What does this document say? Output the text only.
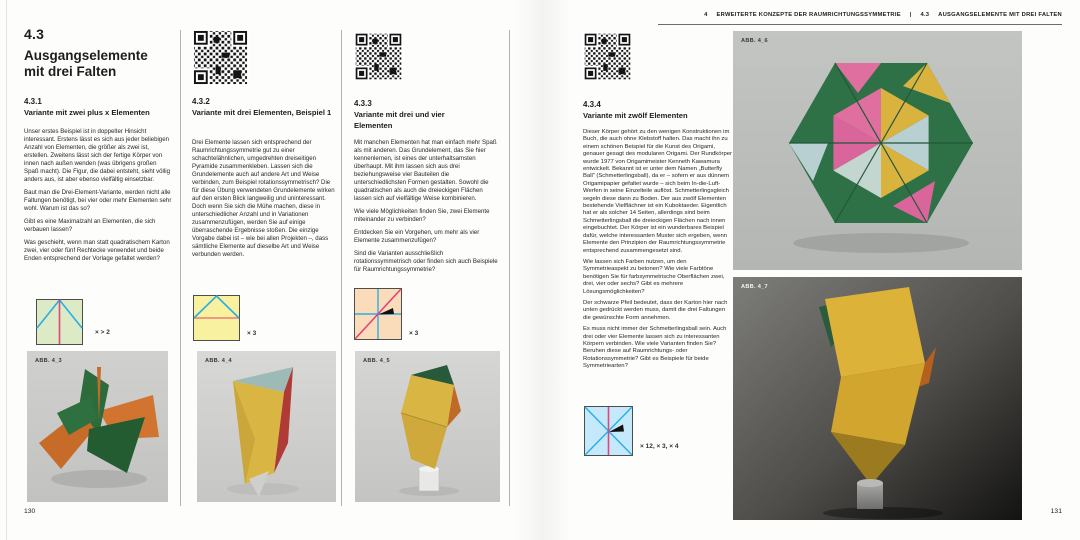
4.3
Ausgangselemente mit drei Falten
4.3.1
Variante mit zwei plus x Elementen
4.3.2
Variante mit drei Elementen, Beispiel 1
4.3.3
Variante mit drei und vier Elementen
4.3.4
Variante mit zwölf Elementen

Unser erstes Beispiel ist in doppelter Hinsicht interessant. Erstens lässt es sich aus jeder beliebigen Anzahl von Elementen, die größer als zwei ist, erstellen. Zweitens lässt sich der fertige Körper von innen nach außen wenden (was übrigens großen Spaß macht). Die Figur, die dabei entsteht, sieht völlig anders aus, ist aber ebenso vielfältig einsetzbar.

Baut man die Drei-Element-Variante, werden nicht alle Faltungen benötigt, bei vier oder mehr Elementen sehr wohl. Warum ist das so?

Gibt es eine Maximalzahl an Elementen, die sich verbauen lassen?

Was geschieht, wenn man statt quadratischem Karton zwei, vier oder fünf Rechtecke verwendet und beide Enden entsprechend der Vorlage gefaltet werden?

Drei Elemente lassen sich entsprechend der Raumrichtungssymmetrie gut zu einer schachtelähnlichen, umgedrehten dreiseitigen Pyramide zusammenkleben. Lassen sich die Grundelemente auch auf andere Art und Weise verbinden, zum Beispiel rotationssymmetrisch? Die für diese Übung verwendeten Grundelemente wirken auf den ersten Blick langweilig und uninteressant. Doch wenn Sie sich die Mühe machen, diese in unterschiedlicher Anzahl und in Variationen zusammenzufügen, werden Sie auf einige überraschende Ergebnisse stoßen. Die einzige Vorgabe dabei ist – wie bei allen Projekten –, dass sämtliche Elemente auf dieselbe Art und Weise verbunden werden.

Mit manchen Elementen hat man einfach mehr Spaß als mit anderen. Das Grundelement, das Sie hier kennenlernen, ist eines der unterhaltsamsten überhaupt. Mit ihm lassen sich aus drei beziehungsweise vier Bauteilen die unterschiedlichsten Formen gestalten. Sowohl die quadratischen als auch die dreieckigen Flächen lassen sich auf vielfältige Weise kombinieren.

Wie viele Möglichkeiten finden Sie, zwei Elemente miteinander zu verbinden?

Entdecken Sie ein Vorgehen, um mehr als vier Elemente zusammenzufügen?

Sind die Varianten ausschließlich rotationssymmetrisch oder finden sich auch Beispiele für Raumrichtungssymmetrie?

Dieser Körper gehört zu den wenigen Konstruktionen im Buch, die auch ohne Klebstoff halten. Das macht ihn zu einem schönen Beispiel für die Kunst des Origami, genauer gesagt des modularen Origami. Der Rundkörper wurde 1977 von Origamimeister Kenneth Kawamura entwickelt. Bekannt ist er unter dem Namen „Butterfly Ball“ (Schmetterlingsball), da er – sofern er aus dünnem Origamipapier gefaltet wurde – sich beim In-die-Luft-Werfen in seine Einzelteile auflöst. Schmetterlingsgleich segeln diese dann zu Boden. Der aus zwölf Elementen bestehende Vielflächner ist ein Kuboktaeder. Eigentlich hat er als solcher 14 Seiten, allerdings sind beim Schmetterlingsball die dreieckigen Flächen nach innen eingebuchtet. Der Körper ist ein wunderbares Beispiel dafür, welche interessanten Muster sich ergeben, wenn Elemente den Prinzipien der Raumrichtungssymmetrie entsprechend zusammengesetzt sind.

Wie lassen sich Farben nutzen, um den Symmetrieaspekt zu betonen? Wie viele Farbtöne benötigen Sie für farbsymmetrische Oberflächen zwei, drei, vier oder sechs? Gibt es mehrere Lösungsmöglichkeiten?

Der schwarze Pfeil bedeutet, dass der Karton hier nach unten gedrückt werden muss, damit die drei Faltungen die gewünschte Form annehmen.

Es muss nicht immer der Schmetterlingsball sein. Auch drei oder vier Elemente lassen sich zu interessanten Körpern verbinden. Wie viele Varianten finden Sie? Beruhen diese auf Raumrichtungs- oder Rotationssymmetrie? Gibt es Beispiele für beide Symmetriearten?

× > 2	× 3	× 3
× 12, × 3, × 4
ABB. 4_3	ABB. 4_4	ABB. 4_5
130
4 ERWEITERTE KONZEPTE DER RAUMRICHTUNGSSYMMETRIE | 4.3 AUSGANGSELEMENTE MIT DREI FALTEN
ABB. 4_6
ABB. 4_7
131
